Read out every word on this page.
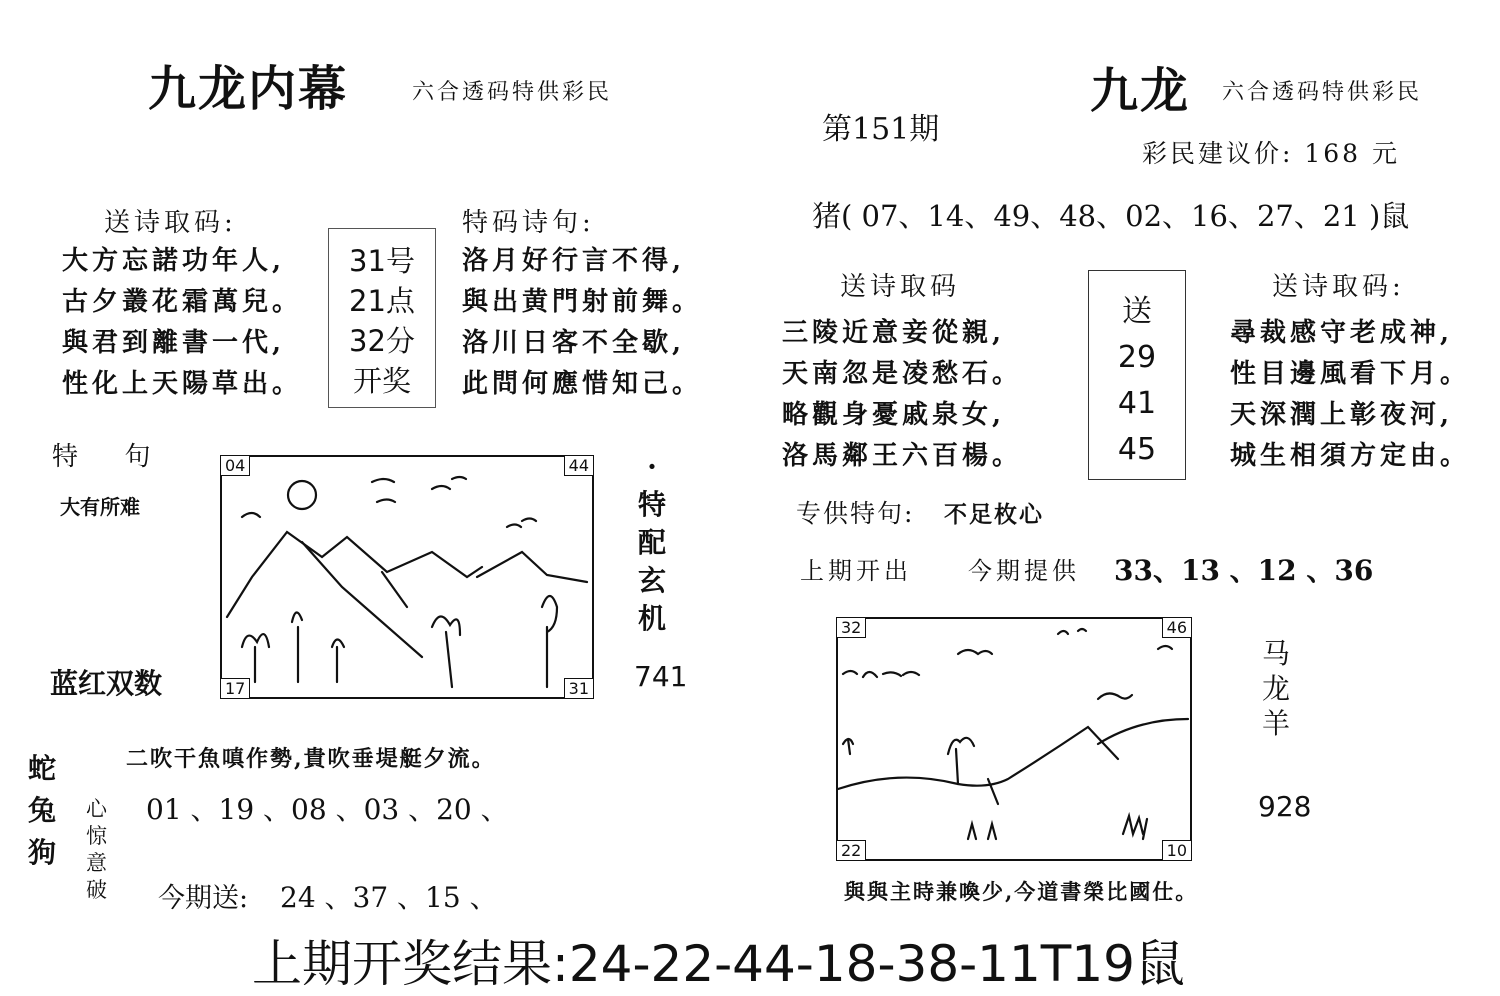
九龙内幕	六合透码特供彩民
送诗取码:
大方忘諾功年人,
古夕叢花霜萬兒。
與君到離書一代,
性化上天陽草出。
31号
21点
32分
开奖
特码诗句:
洛月好行言不得,
與出黄門射前舞。
洛川日客不全歇,
此問何應惜知己。
特  句
大有所难
04	44
17	31
·
特
配
玄
机
蓝红双数	741
蛇
兔
狗
二吹干魚嗔作勢,貴吹垂堤艇夕流。
心
惊
意
破
01 、19 、08 、03 、20 、
今期送: 24 、37 、15 、
九龙 六合透码特供彩民
第151期
彩民建议价: 168 元
猪( 07、14、49、48、02、16、27、21 )鼠
送诗取码
三陵近意妾從親,
天南忽是凌愁石。
略觀身憂戚泉女,
洛馬鄰王六百楊。
送
29
41
45
送诗取码:
尋裁感守老成神,
性目邊風看下月。
天深潤上彰夜河,
城生相須方定由。
专供特句: 不足枚心
上期开出 今期提供 33、13 、12 、36
32	46
22	10
马
龙
羊
928
與與主時兼喚少,今道書榮比國仕。
上期开奖结果:24-22-44-18-38-11T19鼠
